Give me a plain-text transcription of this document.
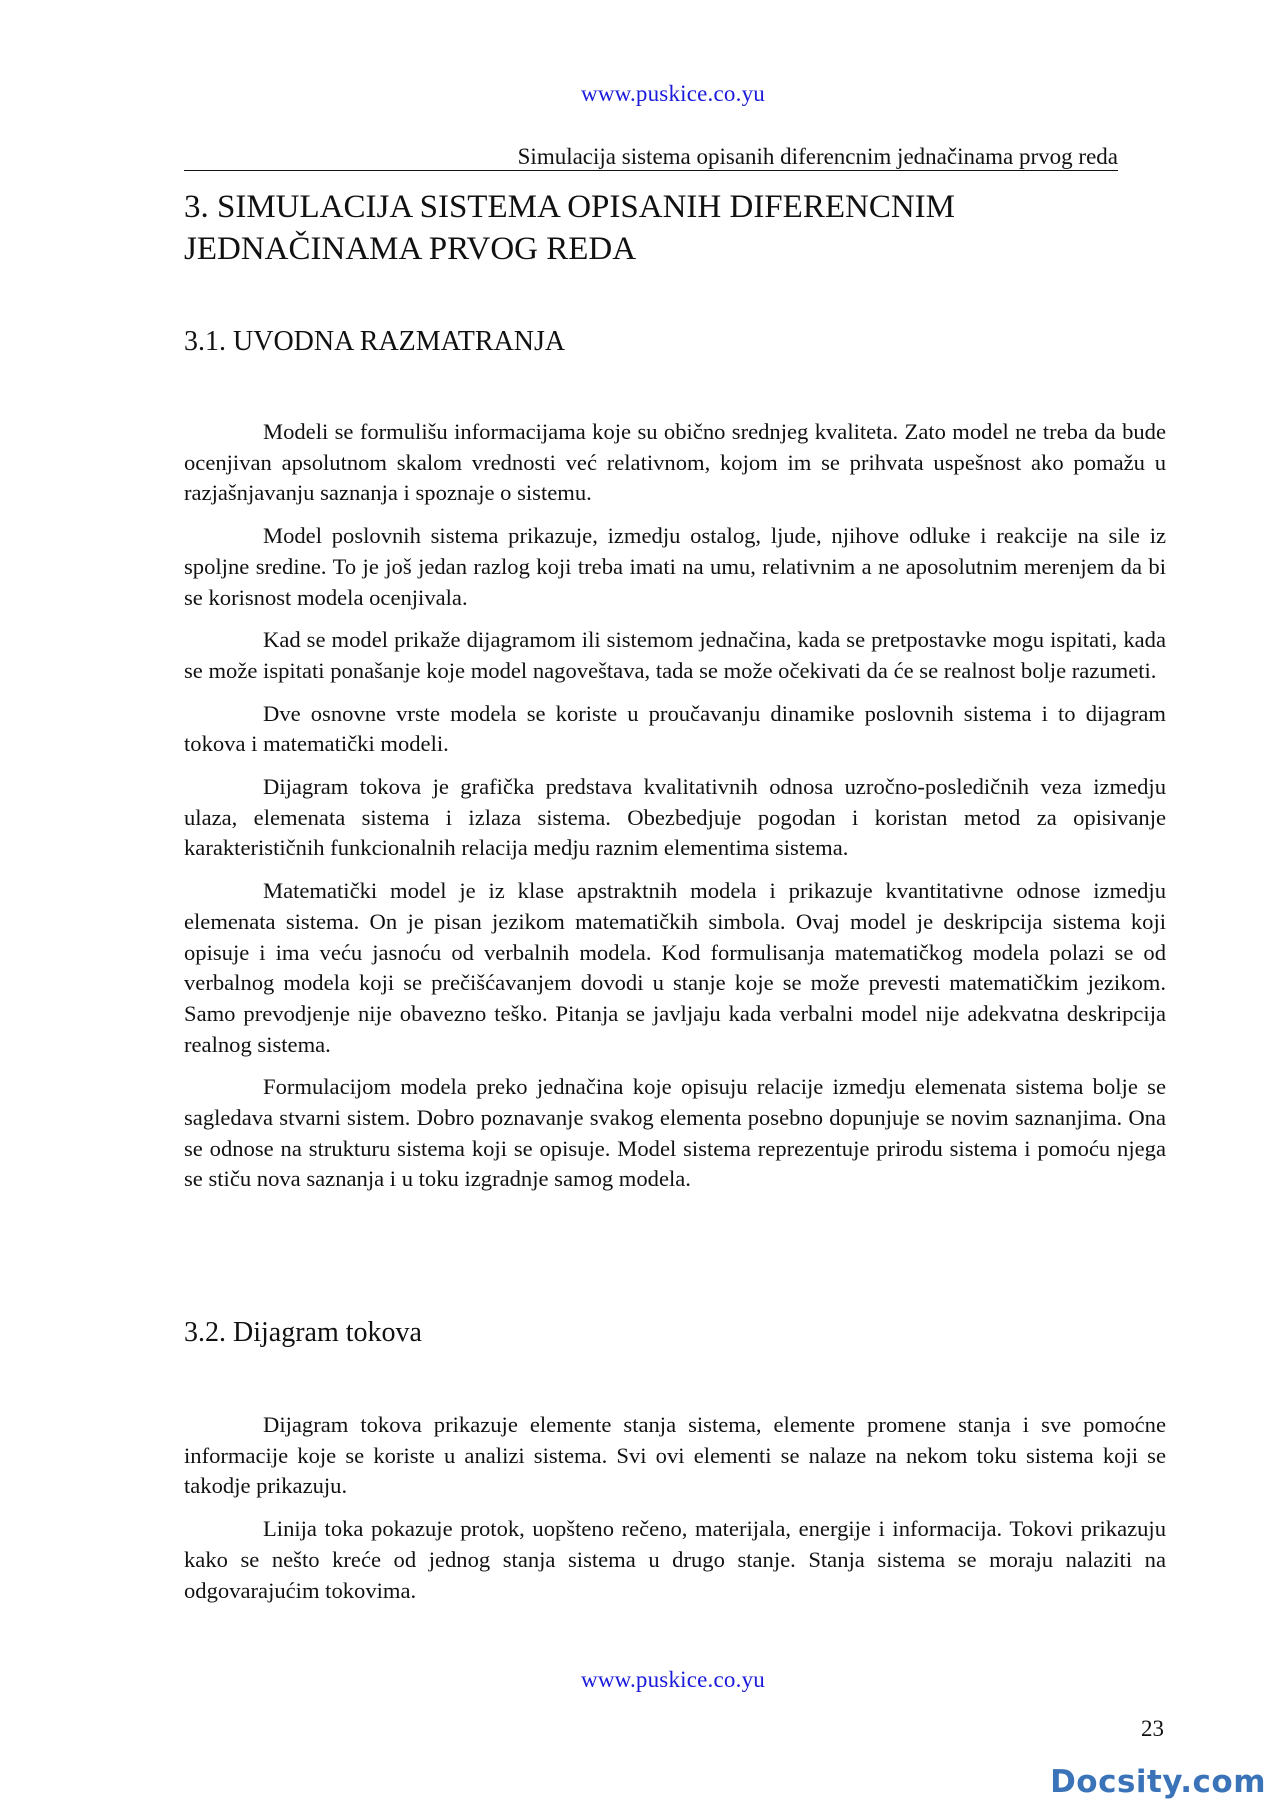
www.puskice.co.yu
Simulacija sistema opisanih diferencnim jednačinama prvog reda
3. SIMULACIJA SISTEMA OPISANIH DIFERENCNIM
JEDNAČINAMA PRVOG REDA
3.1. UVODNA RAZMATRANJA

Modeli se formulišu informacijama koje su obično srednjeg kvaliteta. Zato model ne treba da bude ocenjivan apsolutnom skalom vrednosti već relativnom, kojom im se prihvata uspešnost ako pomažu u razjašnjavanju saznanja i spoznaje o sistemu.

Model poslovnih sistema prikazuje, izmedju ostalog, ljude, njihove odluke i reakcije na sile iz spoljne sredine. To je još jedan razlog koji treba imati na umu, relativnim a ne aposolutnim merenjem da bi se korisnost modela ocenjivala.

Kad se model prikaže dijagramom ili sistemom jednačina, kada se pretpostavke mogu ispitati, kada se može ispitati ponašanje koje model nagoveštava, tada se može očekivati da će se realnost bolje razumeti.

Dve osnovne vrste modela se koriste u proučavanju dinamike poslovnih sistema i to dijagram tokova i matematički modeli.

Dijagram tokova je grafička predstava kvalitativnih odnosa uzročno-posledičnih veza izmedju ulaza, elemenata sistema i izlaza sistema. Obezbedjuje pogodan i koristan metod za opisivanje karakterističnih funkcionalnih relacija medju raznim elementima sistema.

Matematički model je iz klase apstraktnih modela i prikazuje kvantitativne odnose izmedju elemenata sistema. On je pisan jezikom matematičkih simbola. Ovaj model je deskripcija sistema koji opisuje i ima veću jasnoću od verbalnih modela. Kod formulisanja matematičkog modela polazi se od verbalnog modela koji se prečišćavanjem dovodi u stanje koje se može prevesti matematičkim jezikom. Samo prevodjenje nije obavezno teško. Pitanja se javljaju kada verbalni model nije adekvatna deskripcija realnog sistema.

Formulacijom modela preko jednačina koje opisuju relacije izmedju elemenata sistema bolje se sagledava stvarni sistem. Dobro poznavanje svakog elementa posebno dopunjuje se novim saznanjima. Ona se odnose na strukturu sistema koji se opisuje. Model sistema reprezentuje prirodu sistema i pomoću njega se stiču nova saznanja i u toku izgradnje samog modela.

3.2. Dijagram tokova

Dijagram tokova prikazuje elemente stanja sistema, elemente promene stanja i sve pomoćne informacije koje se koriste u analizi sistema. Svi ovi elementi se nalaze na nekom toku sistema koji se takodje prikazuju.

Linija toka pokazuje protok, uopšteno rečeno, materijala, energije i informacija. Tokovi prikazuju kako se nešto kreće od jednog stanja sistema u drugo stanje. Stanja sistema se moraju nalaziti na odgovarajućim tokovima.

www.puskice.co.yu
23
Docsity.com
